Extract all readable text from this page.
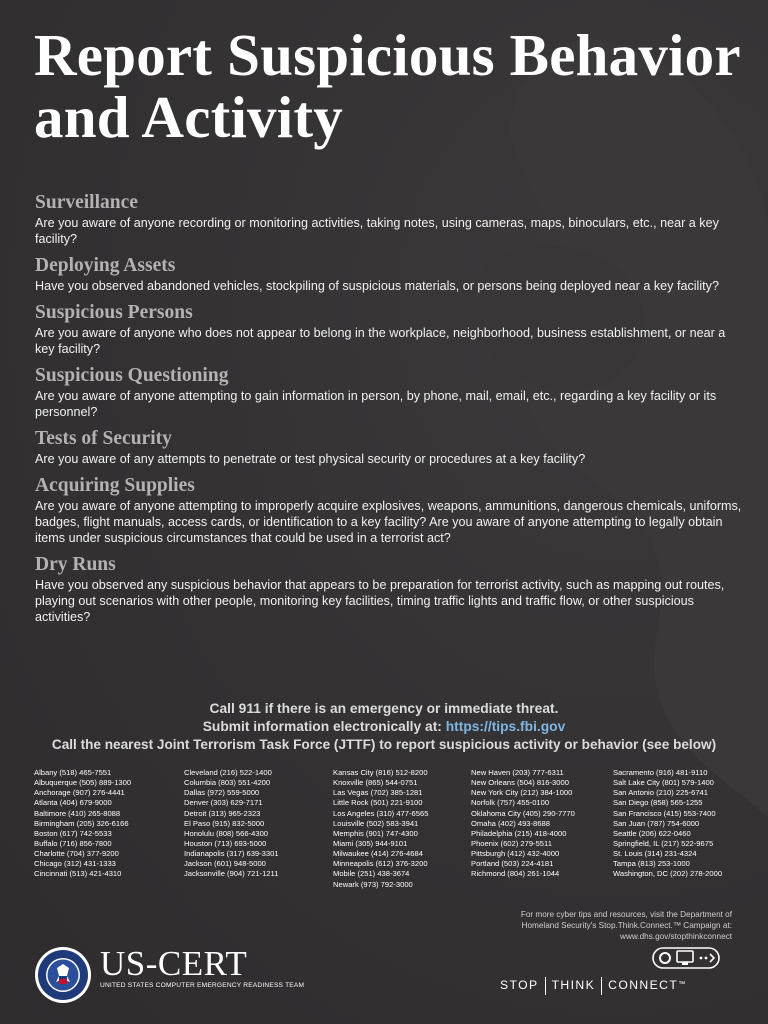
Report Suspicious Behavior and Activity
Surveillance

Are you aware of anyone recording or monitoring activities, taking notes, using cameras, maps, binoculars, etc., near a key facility?

Deploying Assets

Have you observed abandoned vehicles, stockpiling of suspicious materials, or persons being deployed near a key facility?

Suspicious Persons

Are you aware of anyone who does not appear to belong in the workplace, neighborhood, business establishment, or near a key facility?

Suspicious Questioning

Are you aware of anyone attempting to gain information in person, by phone, mail, email, etc., regarding a key facility or its personnel?

Tests of Security

Are you aware of any attempts to penetrate or test physical security or procedures at a key facility?

Acquiring Supplies

Are you aware of anyone attempting to improperly acquire explosives, weapons, ammunitions, dangerous chemicals, uniforms, badges, flight manuals, access cards, or identification to a key facility? Are you aware of anyone attempting to legally obtain items under suspicious circumstances that could be used in a terrorist act?

Dry Runs

Have you observed any suspicious behavior that appears to be preparation for terrorist activity, such as mapping out routes, playing out scenarios with other people, monitoring key facilities, timing traffic lights and traffic flow, or other suspicious activities?

Call 911 if there is an emergency or immediate threat.
Submit information electronically at: https://tips.fbi.gov
Call the nearest Joint Terrorism Task Force (JTTF) to report suspicious activity or behavior (see below)
Albany (518) 465-7551
Albuquerque (505) 889-1300
Anchorage (907) 276-4441
Atlanta (404) 679-9000
Baltimore (410) 265-8088
Birmingham (205) 326-6166
Boston (617) 742-5533
Buffalo (716) 856-7800
Charlotte (704) 377-9200
Chicago (312) 431-1333
Cincinnati (513) 421-4310
Cleveland (216) 522-1400
Columbia (803) 551-4200
Dallas (972) 559-5000
Denver (303) 629-7171
Detroit (313) 965-2323
El Paso (915) 832-5000
Honolulu (808) 566-4300
Houston (713) 693-5000
Indianapolis (317) 639-3301
Jackson (601) 948-5000
Jacksonville (904) 721-1211
Kansas City (816) 512-8200
Knoxville (865) 544-0751
Las Vegas (702) 385-1281
Little Rock (501) 221-9100
Los Angeles (310) 477-6565
Louisville (502) 583-3941
Memphis (901) 747-4300
Miami (305) 944-9101
Milwaukee (414) 276-4684
Minneapolis (612) 376-3200
Mobile (251) 438-3674
Newark (973) 792-3000
New Haven (203) 777-6311
New Orleans (504) 816-3000
New York City (212) 384-1000
Norfolk (757) 455-0100
Oklahoma City (405) 290-7770
Omaha (402) 493-8688
Philadelphia (215) 418-4000
Phoenix (602) 279-5511
Pittsburgh (412) 432-4000
Portland (503) 224-4181
Richmond (804) 261-1044
Sacramento (916) 481-9110
Salt Lake City (801) 579-1400
San Antonio (210) 225-6741
San Diego (858) 565-1255
San Francisco (415) 553-7400
San Juan (787) 754-6000
Seattle (206) 622-0460
Springfield, IL (217) 522-9675
St. Louis (314) 231-4324
Tampa (813) 253-1000
Washington, DC (202) 278-2000
For more cyber tips and resources, visit the Department of
Homeland Security's Stop.Think.Connect.™ Campaign at:
www.dhs.gov/stopthinkconnect
US-CERT
UNITED STATES COMPUTER EMERGENCY READINESS TEAM	STOP THINK CONNECT™
